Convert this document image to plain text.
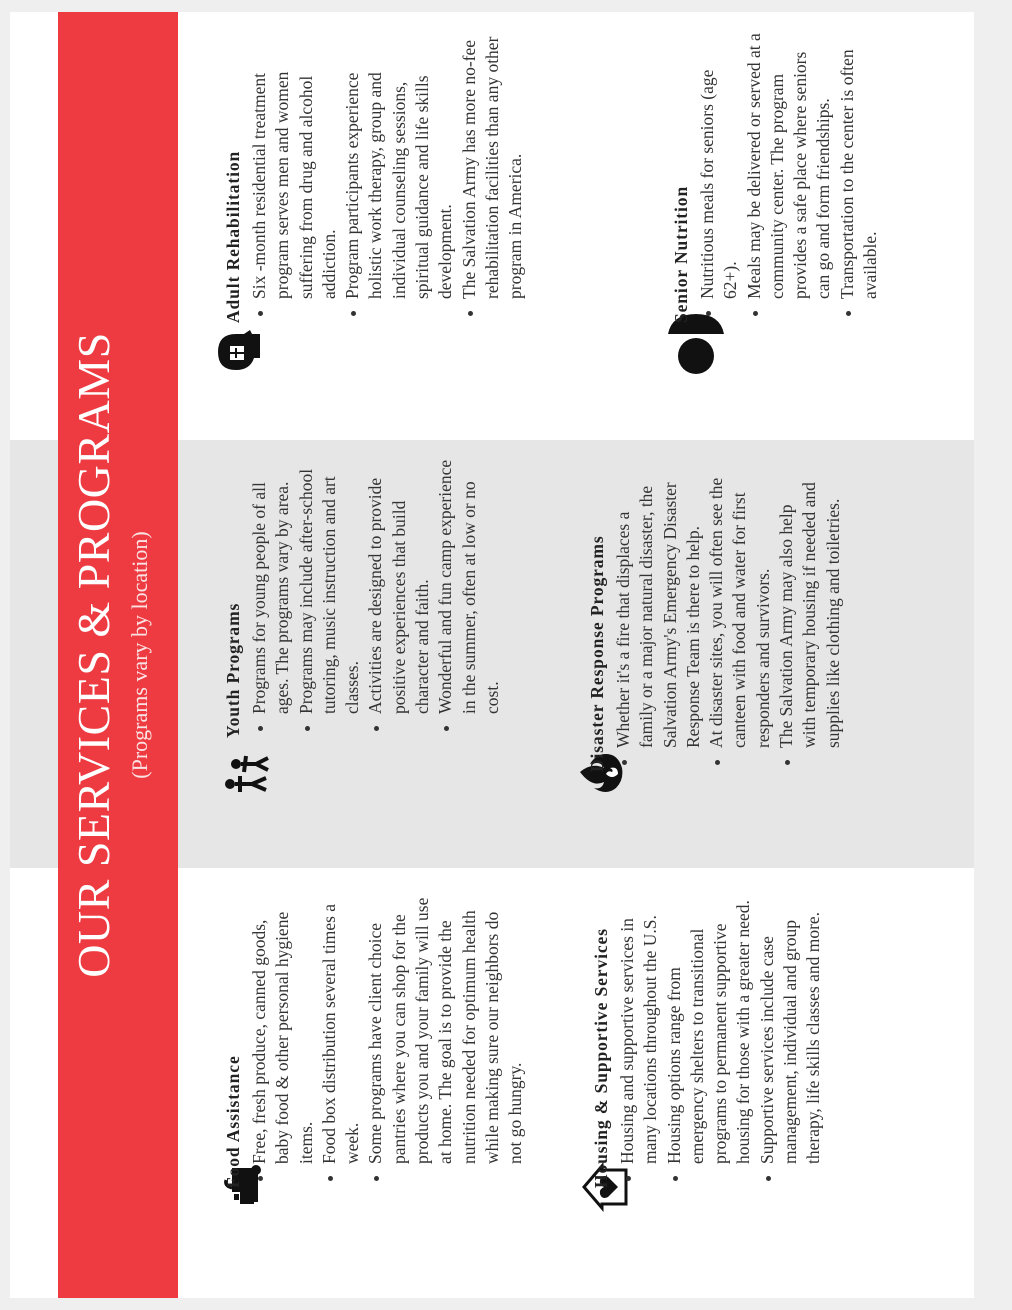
OUR SERVICES & PROGRAMS (Programs vary by location)
Food Assistance • Free, fresh produce, canned goods, baby food & other personal hygiene items. • Food box distribution several times a week. • Some programs have client choice pantries where you can shop for the products you and your family will use at home. The goal is to provide the nutrition needed for optimum health while making sure our neighbors do not go hungry.	Housing & Supportive Services • Housing and supportive services in many locations throughout the U.S. • Housing options range from emergency shelters to transitional programs to permanent supportive housing for those with a greater need. • Supportive services include case management, individual and group therapy, life skills classes and more.
Youth Programs • Programs for young people of all ages. The programs vary by area. • Programs may include after-school tutoring, music instruction and art classes. • Activities are designed to provide positive experiences that build character and faith. • Wonderful and fun camp experience in the summer, often at low or no cost.	Disaster Response Programs • Whether it's a fire that displaces a family or a major natural disaster, the Salvation Army's Emergency Disaster Response Team is there to help. • At disaster sites, you will often see the canteen with food and water for first responders and survivors. • The Salvation Army may also help with temporary housing if needed and supplies like clothing and toiletries.
Adult Rehabilitation • Six -month residential treatment program serves men and women suffering from drug and alcohol addiction. • Program participants experience holistic work therapy, group and individual counseling sessions, spiritual guidance and life skills development. • The Salvation Army has more no-fee rehabilitation facilities than any other program in America.	Senior Nutrition • Nutritious meals for seniors (age 62+). • Meals may be delivered or served at a community center. The program provides a safe place where seniors can go and form friendships. • Transportation to the center is often available.
